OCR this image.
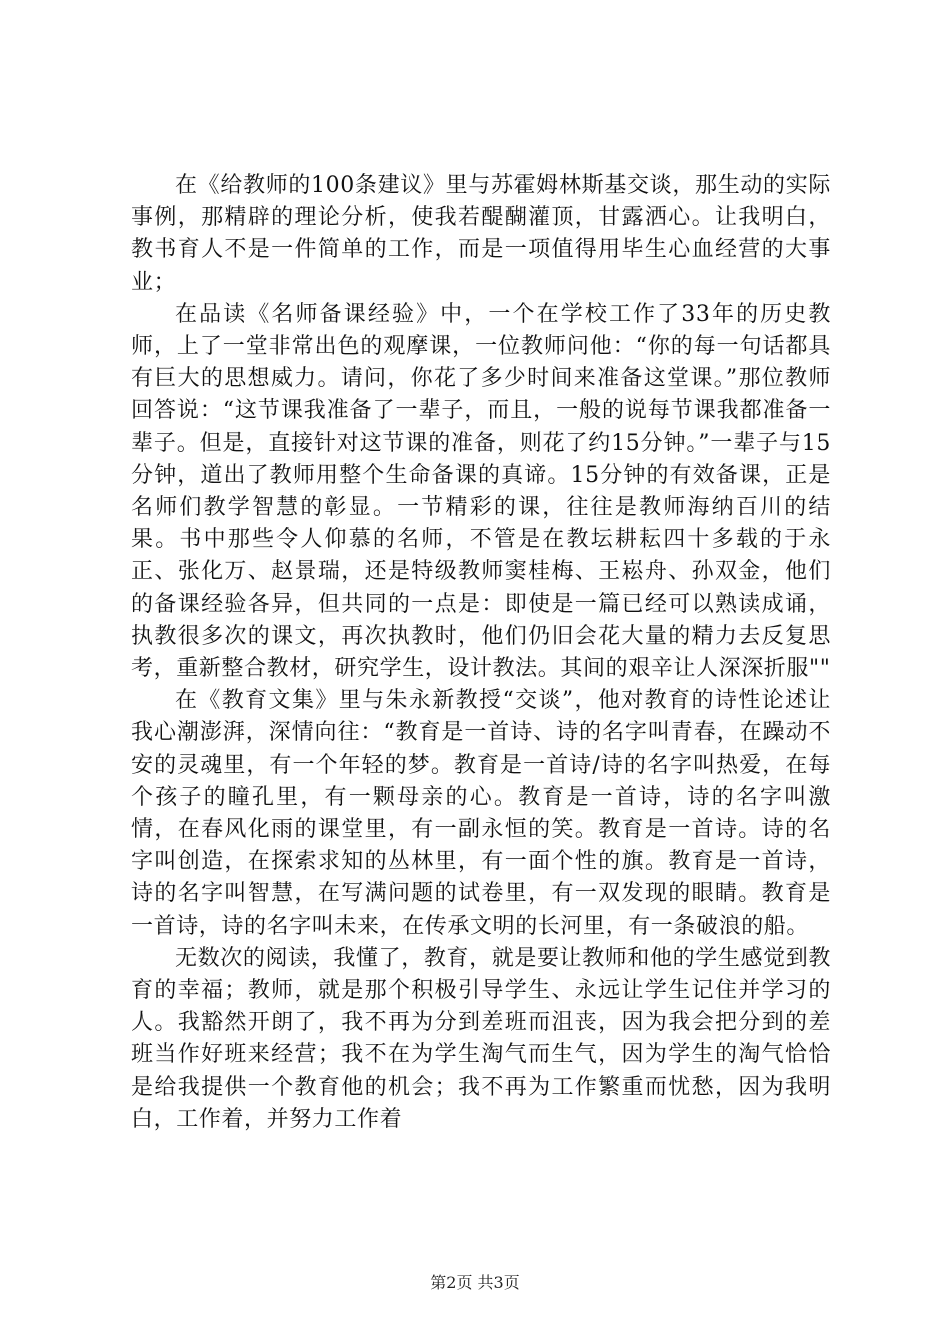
在《给教师的100条建议》里与苏霍姆林斯基交谈，那生动的实际事例，那精辟的理论分析，使我若醍醐灌顶，甘露洒心。让我明白，教书育人不是一件简单的工作，而是一项值得用毕生心血经营的大事业；

在品读《名师备课经验》中，一个在学校工作了33年的历史教师，上了一堂非常出色的观摩课，一位教师问他：“你的每一句话都具有巨大的思想威力。请问，你花了多少时间来准备这堂课。”那位教师回答说：“这节课我准备了一辈子，而且，一般的说每节课我都准备一辈子。但是，直接针对这节课的准备，则花了约15分钟。”一辈子与15分钟，道出了教师用整个生命备课的真谛。15分钟的有效备课，正是名师们教学智慧的彰显。一节精彩的课，往往是教师海纳百川的结果。书中那些令人仰慕的名师，不管是在教坛耕耘四十多载的于永正、张化万、赵景瑞，还是特级教师窦桂梅、王崧舟、孙双金，他们的备课经验各异，但共同的一点是：即使是一篇已经可以熟读成诵，执教很多次的课文，再次执教时，他们仍旧会花大量的精力去反复思考，重新整合教材，研究学生，设计教法。其间的艰辛让人深深折服""

在《教育文集》里与朱永新教授“交谈”，他对教育的诗性论述让我心潮澎湃，深情向往：“教育是一首诗、诗的名字叫青春，在躁动不安的灵魂里，有一个年轻的梦。教育是一首诗/诗的名字叫热爱，在每个孩子的瞳孔里，有一颗母亲的心。教育是一首诗，诗的名字叫激情，在春风化雨的课堂里，有一副永恒的笑。教育是一首诗。诗的名字叫创造，在探索求知的丛林里，有一面个性的旗。教育是一首诗，诗的名字叫智慧，在写满问题的试卷里，有一双发现的眼睛。教育是一首诗，诗的名字叫未来，在传承文明的长河里，有一条破浪的船。

无数次的阅读，我懂了，教育，就是要让教师和他的学生感觉到教育的幸福；教师，就是那个积极引导学生、永远让学生记住并学习的人。我豁然开朗了，我不再为分到差班而沮丧，因为我会把分到的差班当作好班来经营；我不在为学生淘气而生气，因为学生的淘气恰恰是给我提供一个教育他的机会；我不再为工作繁重而忧愁，因为我明白，工作着，并努力工作着

第2页 共3页
